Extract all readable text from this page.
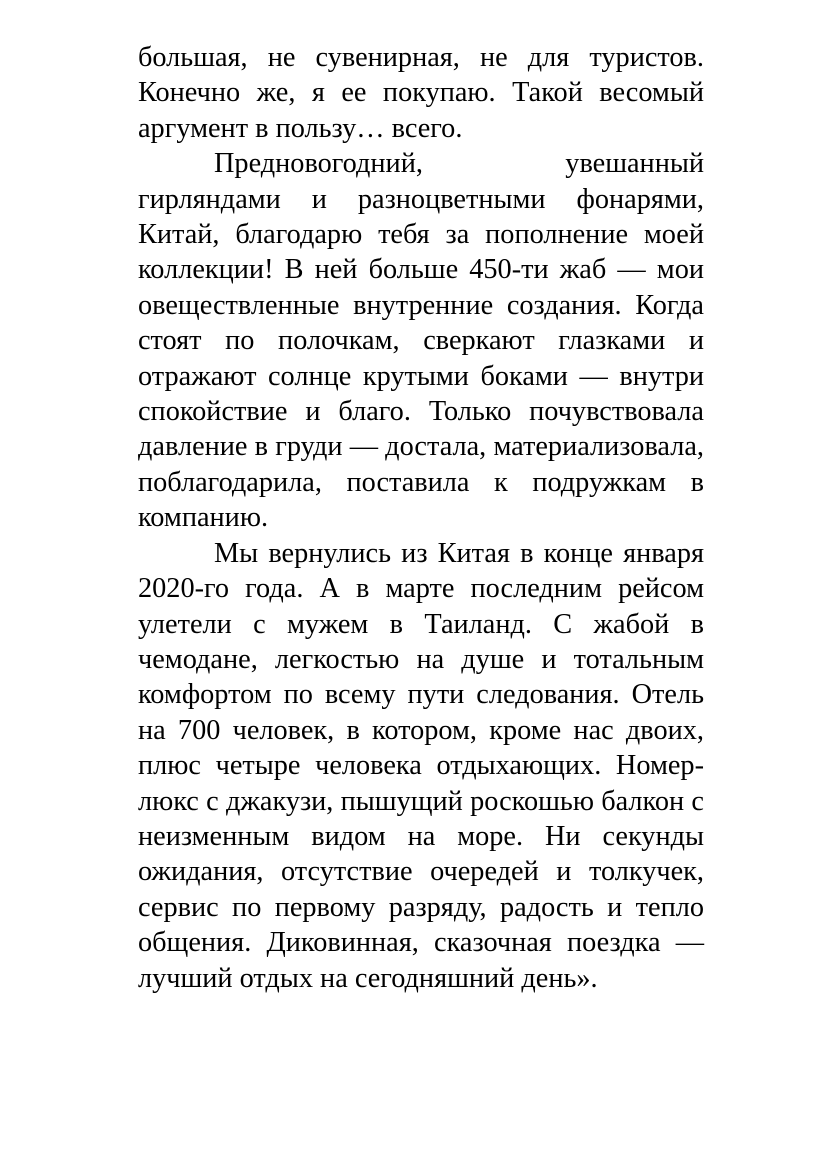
большая, не сувенирная, не для туристов. Конечно же, я ее покупаю. Такой весомый аргумент в пользу… всего.

Предновогодний, увешанный гирляндами и разноцветными фонарями, Китай, благодарю тебя за пополнение моей коллекции! В ней больше 450-ти жаб — мои овеществленные внутренние создания. Когда стоят по полочкам, сверкают глазками и отражают солнце крутыми боками — внутри спокойствие и благо. Только почувствовала давление в груди — достала, материализовала, поблагодарила, поставила к подружкам в компанию.

Мы вернулись из Китая в конце января 2020-го года. А в марте последним рейсом улетели с мужем в Таиланд. С жабой в чемодане, легкостью на душе и тотальным комфортом по всему пути следования. Отель на 700 человек, в котором, кроме нас двоих, плюс четыре человека отдыхающих. Номер-люкс с джакузи, пышущий роскошью балкон с неизменным видом на море. Ни секунды ожидания, отсутствие очередей и толкучек, сервис по первому разряду, радость и тепло общения. Диковинная, сказочная поездка — лучший отдых на сегодняшний день».
